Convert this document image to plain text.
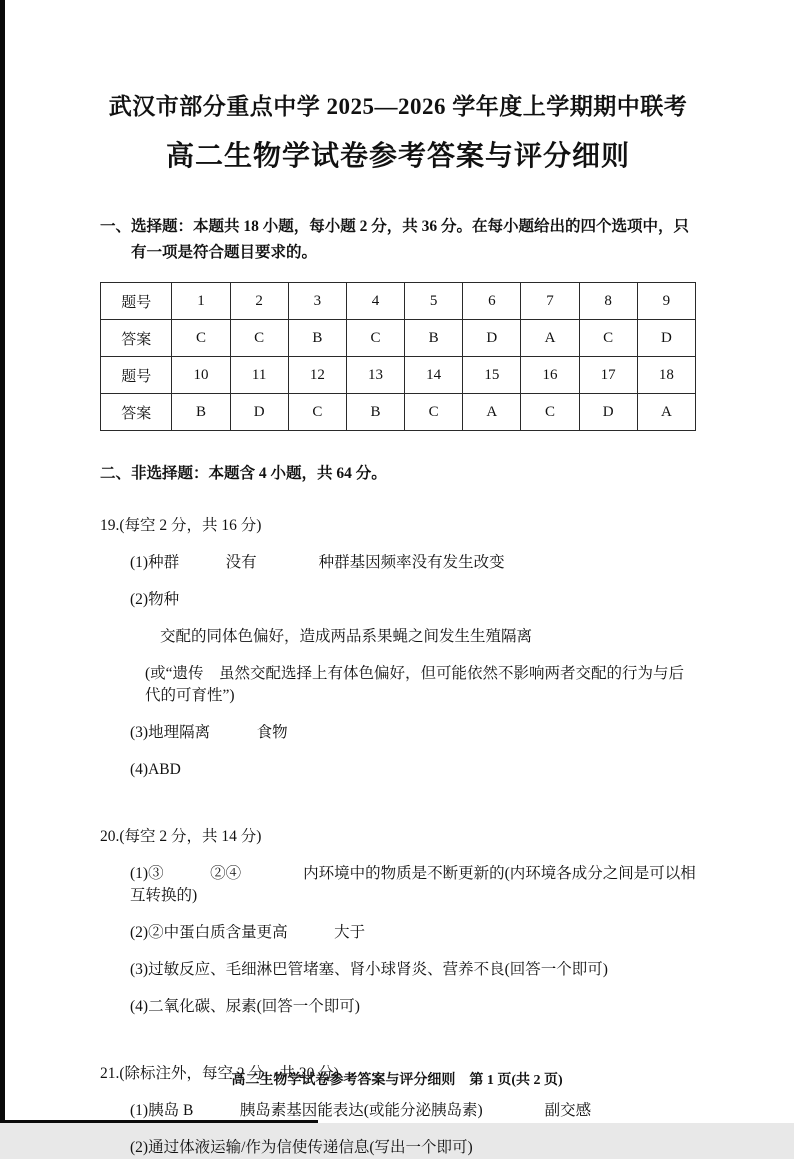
武汉市部分重点中学 2025—2026 学年度上学期期中联考
高二生物学试卷参考答案与评分细则

一、选择题：本题共 18 小题，每小题 2 分，共 36 分。在每小题给出的四个选项中，只有一项是符合题目要求的。

题号	1	2	3	4	5	6	7	8	9
答案	C	C	B	C	B	D	A	C	D
题号	10	11	12	13	14	15	16	17	18
答案	B	D	C	B	C	A	C	D	A

二、非选择题：本题含 4 小题，共 64 分。

19.(每空 2 分，共 16 分)

(1)种群　　　没有　　　　种群基因频率没有发生改变

(2)物种

交配的同体色偏好，造成两品系果蝇之间发生生殖隔离

(或“遗传　虽然交配选择上有体色偏好，但可能依然不影响两者交配的行为与后代的可育性”)

(3)地理隔离　　　食物

(4)ABD

20.(每空 2 分，共 14 分)

(1)③　　　②④　　　　内环境中的物质是不断更新的(内环境各成分之间是可以相互转换的)

(2)②中蛋白质含量更高　　　大于

(3)过敏反应、毛细淋巴管堵塞、肾小球肾炎、营养不良(回答一个即可)

(4)二氧化碳、尿素(回答一个即可)

21.(除标注外，每空 2 分，共 20 分)

(1)胰岛 B　　　胰岛素基因能表达(或能分泌胰岛素)　　　　副交感

(2)通过体液运输/作为信使传递信息(写出一个即可)

高二生物学试卷参考答案与评分细则　第 1 页(共 2 页)
